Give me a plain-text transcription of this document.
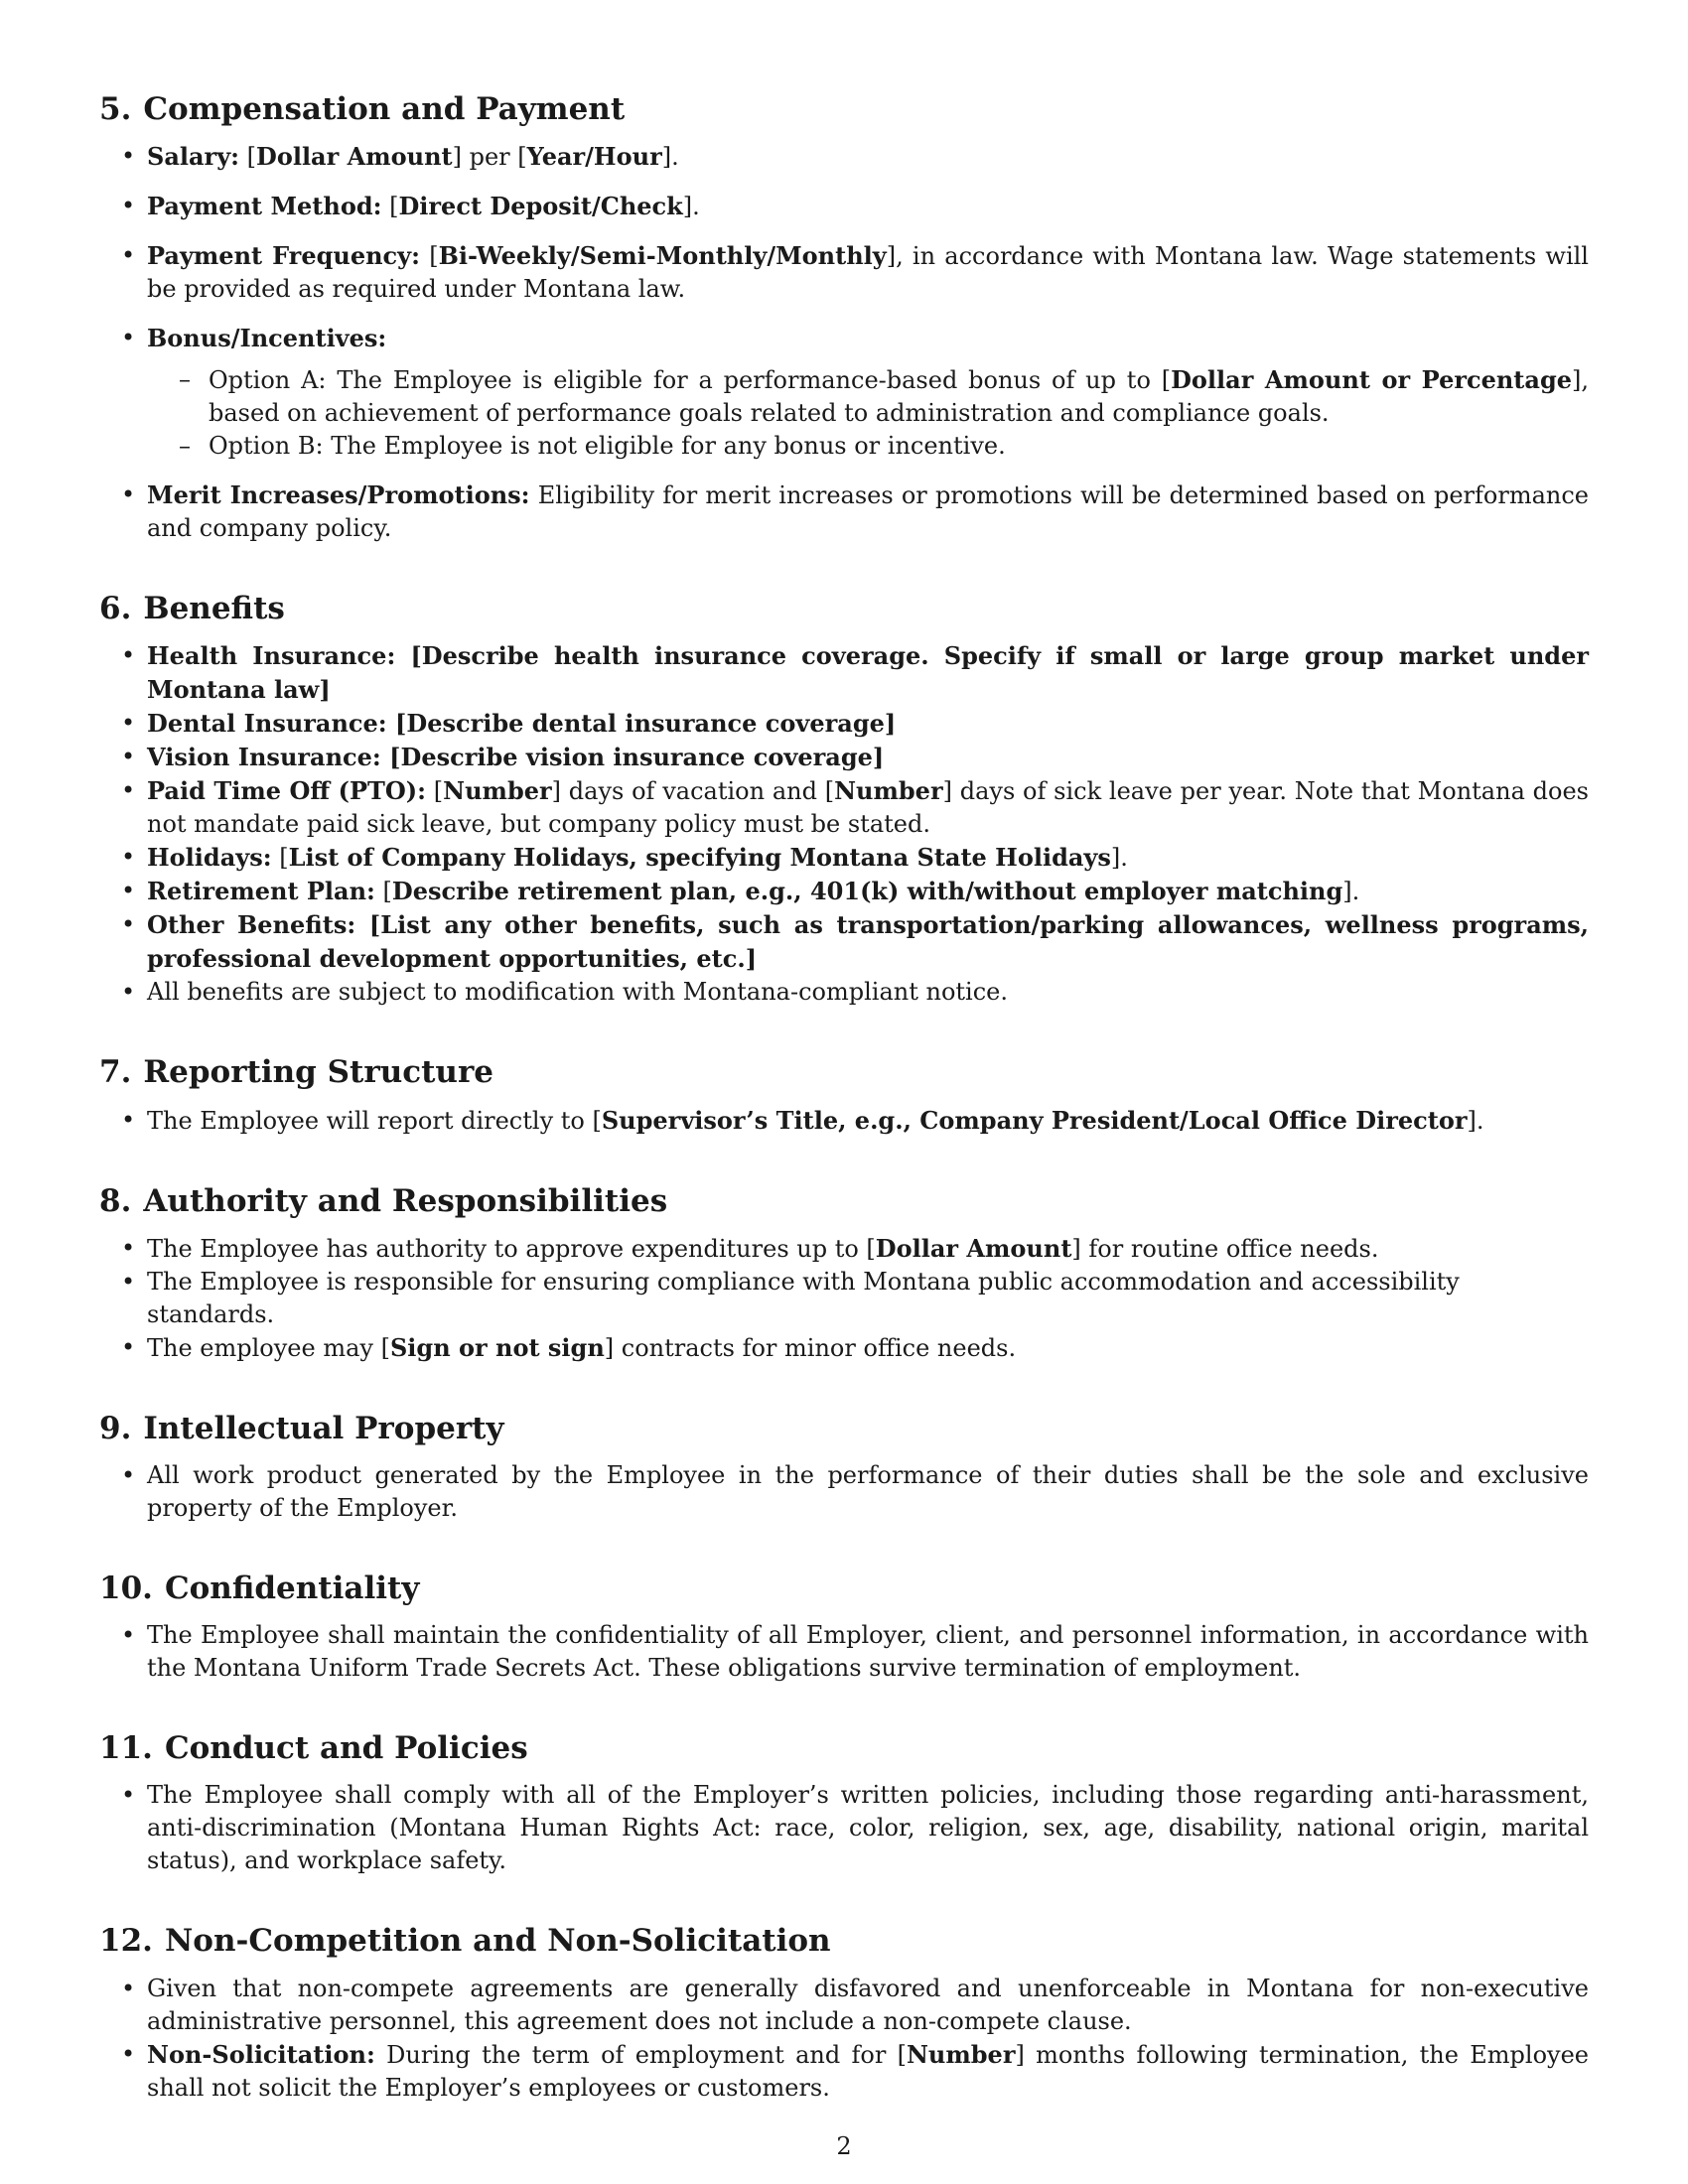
5. Compensation and Payment
• Salary: [Dollar Amount] per [Year/Hour].
• Payment Method: [Direct Deposit/Check].
• Payment Frequency: [Bi-Weekly/Semi-Monthly/Monthly], in accordance with Montana law. Wage statements will be provided as required under Montana law.
• Bonus/Incentives:
– Option A: The Employee is eligible for a performance-based bonus of up to [Dollar Amount or Percentage], based on achievement of performance goals related to administration and compliance goals.
– Option B: The Employee is not eligible for any bonus or incentive.
• Merit Increases/Promotions: Eligibility for merit increases or promotions will be determined based on performance and company policy.
6. Benefits
• Health Insurance: [Describe health insurance coverage. Specify if small or large group market under Montana law]
• Dental Insurance: [Describe dental insurance coverage]
• Vision Insurance: [Describe vision insurance coverage]
• Paid Time Off (PTO): [Number] days of vacation and [Number] days of sick leave per year. Note that Montana does not mandate paid sick leave, but company policy must be stated.
• Holidays: [List of Company Holidays, specifying Montana State Holidays].
• Retirement Plan: [Describe retirement plan, e.g., 401(k) with/without employer matching].
• Other Benefits: [List any other benefits, such as transportation/parking allowances, wellness programs, professional development opportunities, etc.]
• All benefits are subject to modification with Montana-compliant notice.
7. Reporting Structure
• The Employee will report directly to [Supervisor’s Title, e.g., Company President/Local Office Director].
8. Authority and Responsibilities
• The Employee has authority to approve expenditures up to [Dollar Amount] for routine office needs.
• The Employee is responsible for ensuring compliance with Montana public accommodation and accessibility standards.
• The employee may [Sign or not sign] contracts for minor office needs.
9. Intellectual Property
• All work product generated by the Employee in the performance of their duties shall be the sole and exclusive property of the Employer.
10. Confidentiality
• The Employee shall maintain the confidentiality of all Employer, client, and personnel information, in accordance with the Montana Uniform Trade Secrets Act. These obligations survive termination of employment.
11. Conduct and Policies
• The Employee shall comply with all of the Employer’s written policies, including those regarding anti-harassment, anti-discrimination (Montana Human Rights Act: race, color, religion, sex, age, disability, national origin, marital status), and workplace safety.
12. Non-Competition and Non-Solicitation
• Given that non-compete agreements are generally disfavored and unenforceable in Montana for non-executive administrative personnel, this agreement does not include a non-compete clause.
• Non-Solicitation: During the term of employment and for [Number] months following termination, the Employee shall not solicit the Employer’s employees or customers.
2
